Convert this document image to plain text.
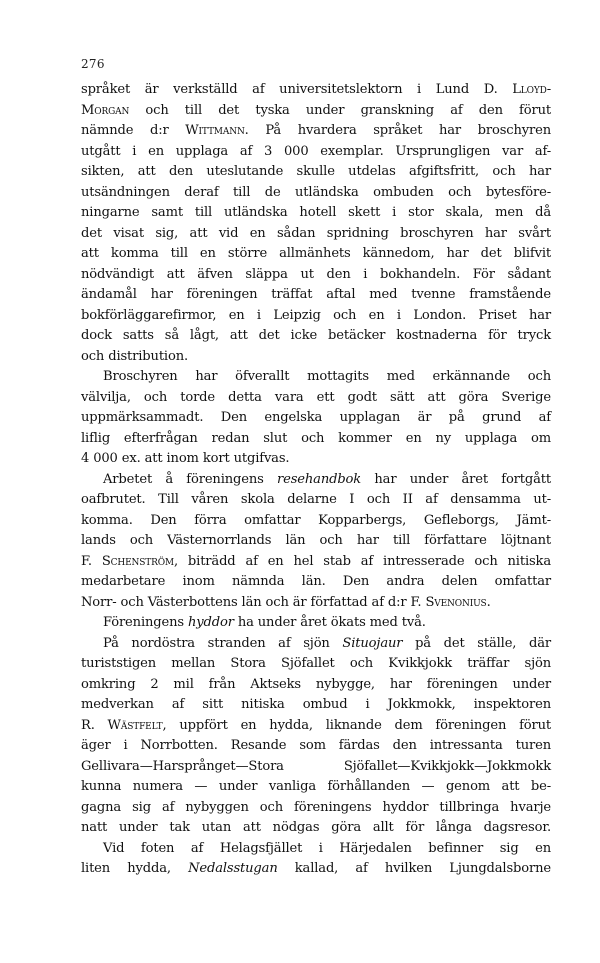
276
språket är verkställd af universitetslektorn i Lund D. Lloyd-
Morgan och till det tyska under granskning af den förut
nämnde d:r Wittmann. På hvardera språket har broschyren
utgått i en upplaga af 3 000 exemplar. Ursprungligen var af-
sikten, att den uteslutande skulle utdelas afgiftsfritt, och har
utsändningen deraf till de utländska ombuden och bytesföre-
ningarne samt till utländska hotell skett i stor skala, men då
det visat sig, att vid en sådan spridning broschyren har svårt
att komma till en större allmänhets kännedom, har det blifvit
nödvändigt att äfven släppa ut den i bokhandeln. För sådant
ändamål har föreningen träffat aftal med tvenne framstående
bokförläggarefirmor, en i Leipzig och en i London. Priset har
dock satts så lågt, att det icke betäcker kostnaderna för tryck
och distribution.
Broschyren har öfverallt mottagits med erkännande och
välvilja, och torde detta vara ett godt sätt att göra Sverige
uppmärksammadt. Den engelska upplagan är på grund af
liflig efterfrågan redan slut och kommer en ny upplaga om
4 000 ex. att inom kort utgifvas.
Arbetet å föreningens resehandbok har under året fortgått
oafbrutet. Till våren skola delarne I och II af densamma ut-
komma. Den förra omfattar Kopparbergs, Gefleborgs, Jämt-
lands och Västernorrlands län och har till författare löjtnant
F. Schenström, biträdd af en hel stab af intresserade och nitiska
medarbetare inom nämnda län. Den andra delen omfattar
Norr- och Västerbottens län och är författad af d:r F. Svenonius.
Föreningens hyddor ha under året ökats med två.
På nordöstra stranden af sjön Situojaur på det ställe, där
turiststigen mellan Stora Sjöfallet och Kvikkjokk träffar sjön
omkring 2 mil från Aktseks nybygge, har föreningen under
medverkan af sitt nitiska ombud i Jokkmokk, inspektoren
R. Wästfelt, uppfört en hydda, liknande dem föreningen förut
äger i Norrbotten. Resande som färdas den intressanta turen
Gellivara—Harsprånget—Stora Sjöfallet—Kvikkjokk—Jokkmokk
kunna numera — under vanliga förhållanden — genom att be-
gagna sig af nybyggen och föreningens hyddor tillbringa hvarje
natt under tak utan att nödgas göra allt för långa dagsresor.
Vid foten af Helagsfjället i Härjedalen befinner sig en
liten hydda, Nedalsstugan kallad, af hvilken Ljungdalsborne
